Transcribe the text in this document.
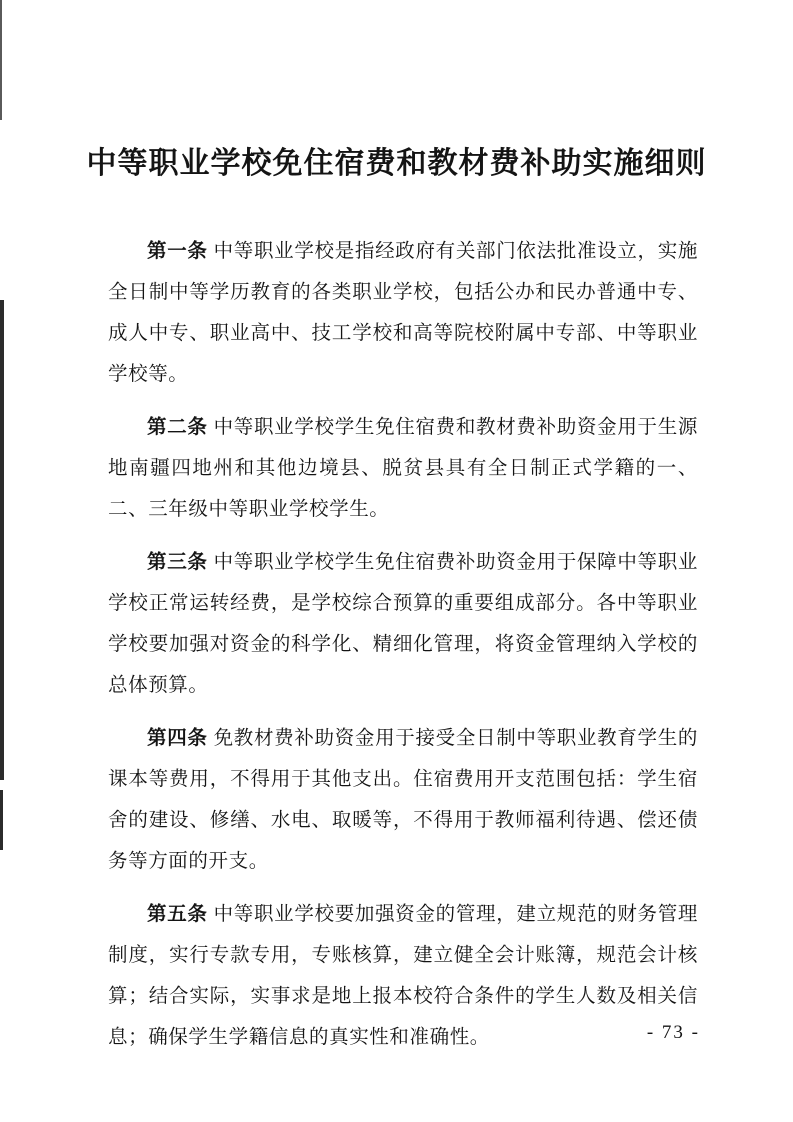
中等职业学校免住宿费和教材费补助实施细则

第一条 中等职业学校是指经政府有关部门依法批准设立，实施全日制中等学历教育的各类职业学校，包括公办和民办普通中专、成人中专、职业高中、技工学校和高等院校附属中专部、中等职业学校等。

第二条 中等职业学校学生免住宿费和教材费补助资金用于生源地南疆四地州和其他边境县、脱贫县具有全日制正式学籍的一、二、三年级中等职业学校学生。

第三条 中等职业学校学生免住宿费补助资金用于保障中等职业学校正常运转经费，是学校综合预算的重要组成部分。各中等职业学校要加强对资金的科学化、精细化管理，将资金管理纳入学校的总体预算。

第四条 免教材费补助资金用于接受全日制中等职业教育学生的课本等费用，不得用于其他支出。住宿费用开支范围包括：学生宿舍的建设、修缮、水电、取暖等，不得用于教师福利待遇、偿还债务等方面的开支。

第五条 中等职业学校要加强资金的管理，建立规范的财务管理制度，实行专款专用，专账核算，建立健全会计账簿，规范会计核算；结合实际，实事求是地上报本校符合条件的学生人数及相关信息；确保学生学籍信息的真实性和准确性。	- 73 -
